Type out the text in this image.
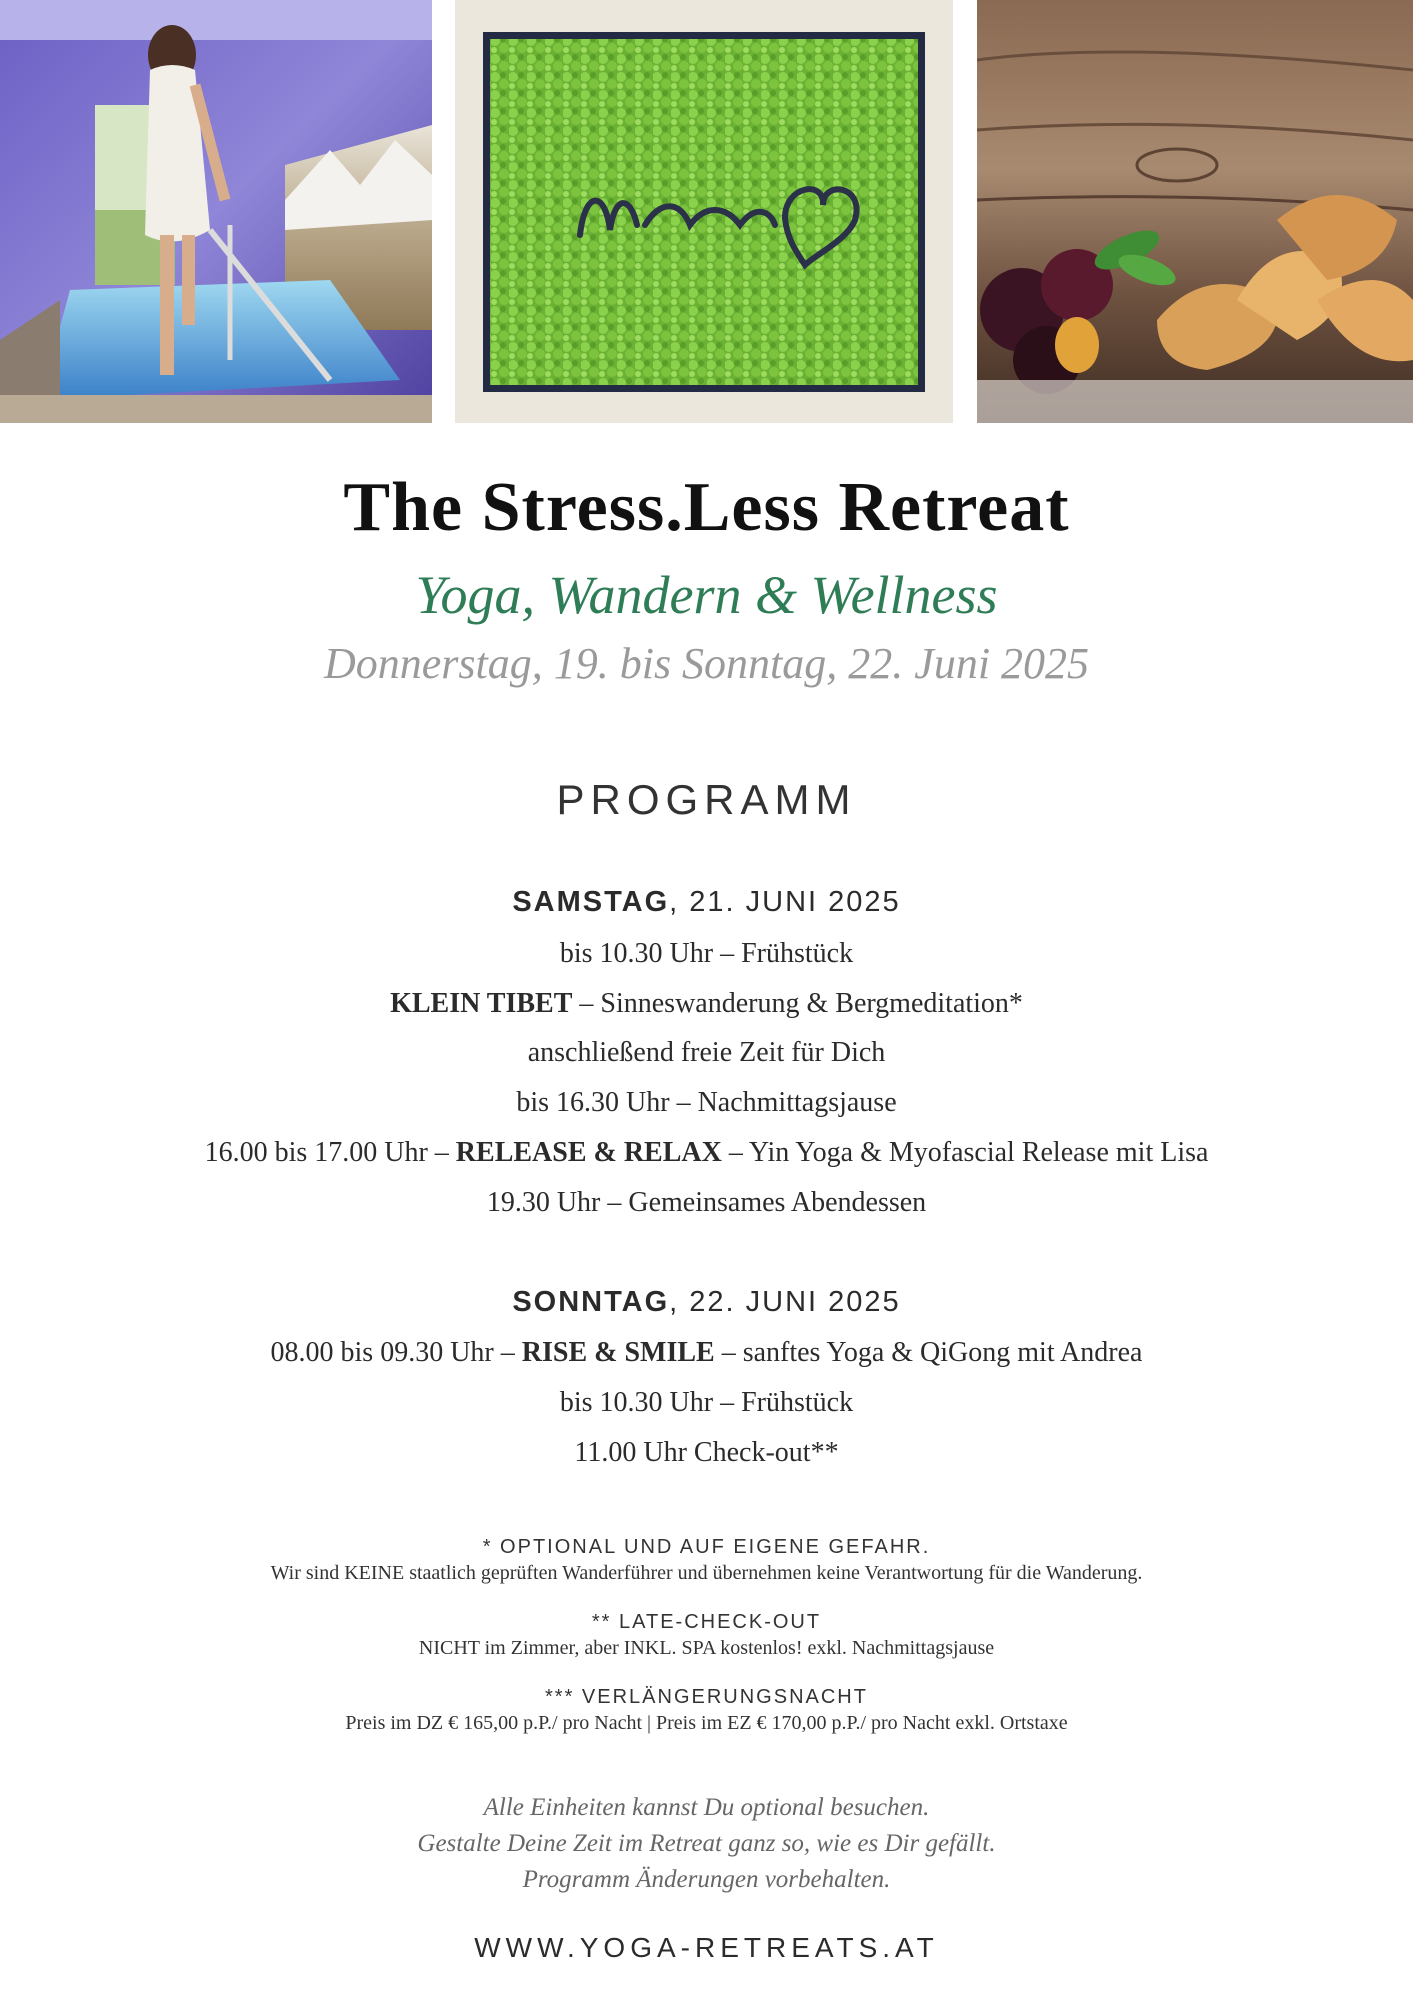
The Stress.Less Retreat
Yoga, Wandern & Wellness
Donnerstag, 19. bis Sonntag, 22. Juni 2025
PROGRAMM
SAMSTAG, 21. JUNI 2025
bis 10.30 Uhr – Frühstück
KLEIN TIBET – Sinneswanderung & Bergmeditation*
anschließend freie Zeit für Dich
bis 16.30 Uhr – Nachmittagsjause
16.00 bis 17.00 Uhr – RELEASE & RELAX – Yin Yoga & Myofascial Release mit Lisa
19.30 Uhr – Gemeinsames Abendessen
SONNTAG, 22. JUNI 2025
08.00 bis 09.30 Uhr – RISE & SMILE – sanftes Yoga & QiGong mit Andrea
bis 10.30 Uhr – Frühstück
11.00 Uhr Check-out**
* OPTIONAL UND AUF EIGENE GEFAHR.
Wir sind KEINE staatlich geprüften Wanderführer und übernehmen keine Verantwortung für die Wanderung.
** LATE-CHECK-OUT
NICHT im Zimmer, aber INKL. SPA kostenlos! exkl. Nachmittagsjause
*** VERLÄNGERUNGSNACHT
Preis im DZ € 165,00 p.P./ pro Nacht | Preis im EZ € 170,00 p.P./ pro Nacht exkl. Ortstaxe
Alle Einheiten kannst Du optional besuchen.
Gestalte Deine Zeit im Retreat ganz so, wie es Dir gefällt.
Programm Änderungen vorbehalten.
WWW.YOGA-RETREATS.AT
